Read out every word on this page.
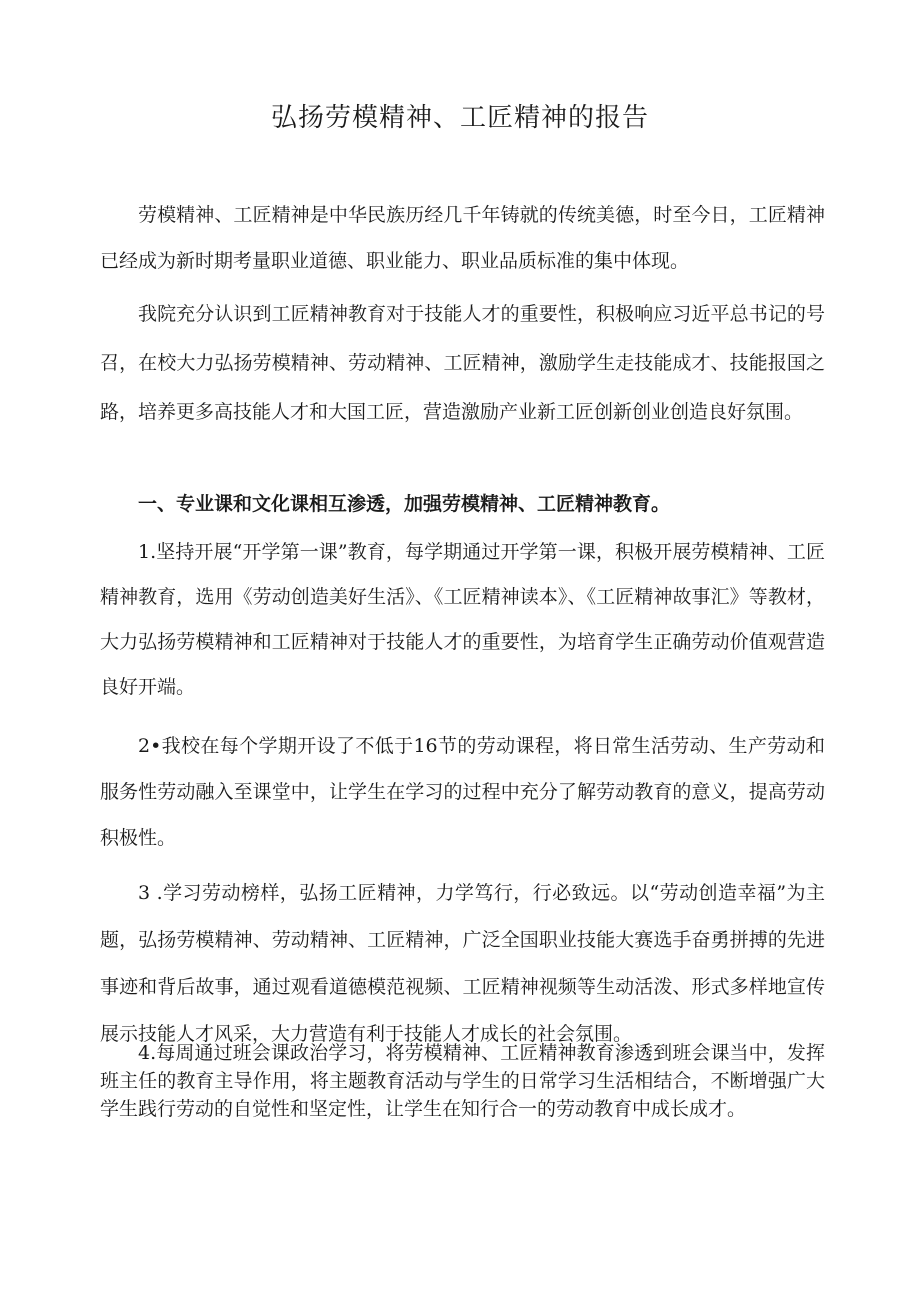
弘扬劳模精神、工匠精神的报告

劳模精神、工匠精神是中华民族历经几千年铸就的传统美德，时至今日，工匠精神已经成为新时期考量职业道德、职业能力、职业品质标准的集中体现。

我院充分认识到工匠精神教育对于技能人才的重要性，积极响应习近平总书记的号召，在校大力弘扬劳模精神、劳动精神、工匠精神，激励学生走技能成才、技能报国之路，培养更多高技能人才和大国工匠，营造激励产业新工匠创新创业创造良好氛围。

一、专业课和文化课相互渗透，加强劳模精神、工匠精神教育。

1.坚持开展“开学第一课”教育，每学期通过开学第一课，积极开展劳模精神、工匠精神教育，选用《劳动创造美好生活》、《工匠精神读本》、《工匠精神故事汇》等教材，大力弘扬劳模精神和工匠精神对于技能人才的重要性，为培育学生正确劳动价值观营造良好开端。

2•我校在每个学期开设了不低于16节的劳动课程，将日常生活劳动、生产劳动和服务性劳动融入至课堂中，让学生在学习的过程中充分了解劳动教育的意义，提高劳动积极性。

3 .学习劳动榜样，弘扬工匠精神，力学笃行，行必致远。以“劳动创造幸福”为主题，弘扬劳模精神、劳动精神、工匠精神，广泛全国职业技能大赛选手奋勇拼搏的先进事迹和背后故事，通过观看道德模范视频、工匠精神视频等生动活泼、形式多样地宣传展示技能人才风采，大力营造有利于技能人才成长的社会氛围。

4.每周通过班会课政治学习，将劳模精神、工匠精神教育渗透到班会课当中，发挥班主任的教育主导作用，将主题教育活动与学生的日常学习生活相结合，不断增强广大学生践行劳动的自觉性和坚定性，让学生在知行合一的劳动教育中成长成才。
